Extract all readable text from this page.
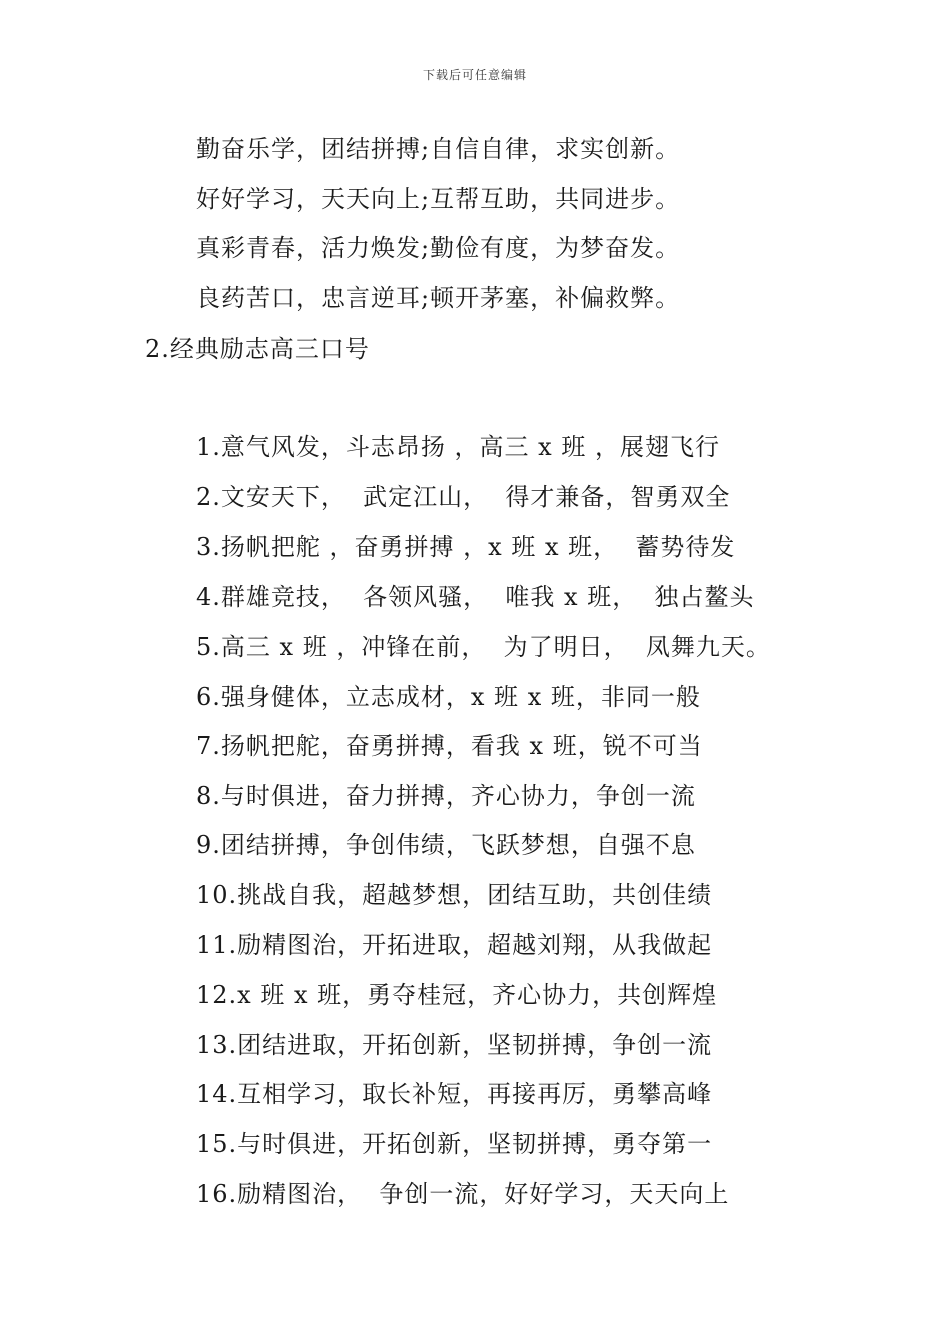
下载后可任意编辑
勤奋乐学，团结拼搏;自信自律，求实创新。
好好学习，天天向上;互帮互助，共同进步。
真彩青春，活力焕发;勤俭有度，为梦奋发。
良药苦口，忠言逆耳;顿开茅塞，补偏救弊。
2.经典励志高三口号
1.意气风发，斗志昂扬 ，高三 x 班 ，展翅飞行
2.文安天下，  武定江山，  得才兼备，智勇双全
3.扬帆把舵 ，奋勇拼搏 ，x 班 x 班，  蓄势待发
4.群雄竞技，  各领风骚，  唯我 x 班，  独占鳌头
5.高三 x 班 ，冲锋在前，  为了明日，  凤舞九天。
6.强身健体，立志成材，x 班 x 班，非同一般
7.扬帆把舵，奋勇拼搏，看我 x 班，锐不可当
8.与时俱进，奋力拼搏，齐心协力，争创一流
9.团结拼搏，争创伟绩，飞跃梦想，自强不息
10.挑战自我，超越梦想，团结互助，共创佳绩
11.励精图治，开拓进取，超越刘翔，从我做起
12.x 班 x 班，勇夺桂冠，齐心协力，共创辉煌
13.团结进取，开拓创新，坚韧拼搏，争创一流
14.互相学习，取长补短，再接再厉，勇攀高峰
15.与时俱进，开拓创新，坚韧拼搏，勇夺第一
16.励精图治，  争创一流，好好学习，天天向上
